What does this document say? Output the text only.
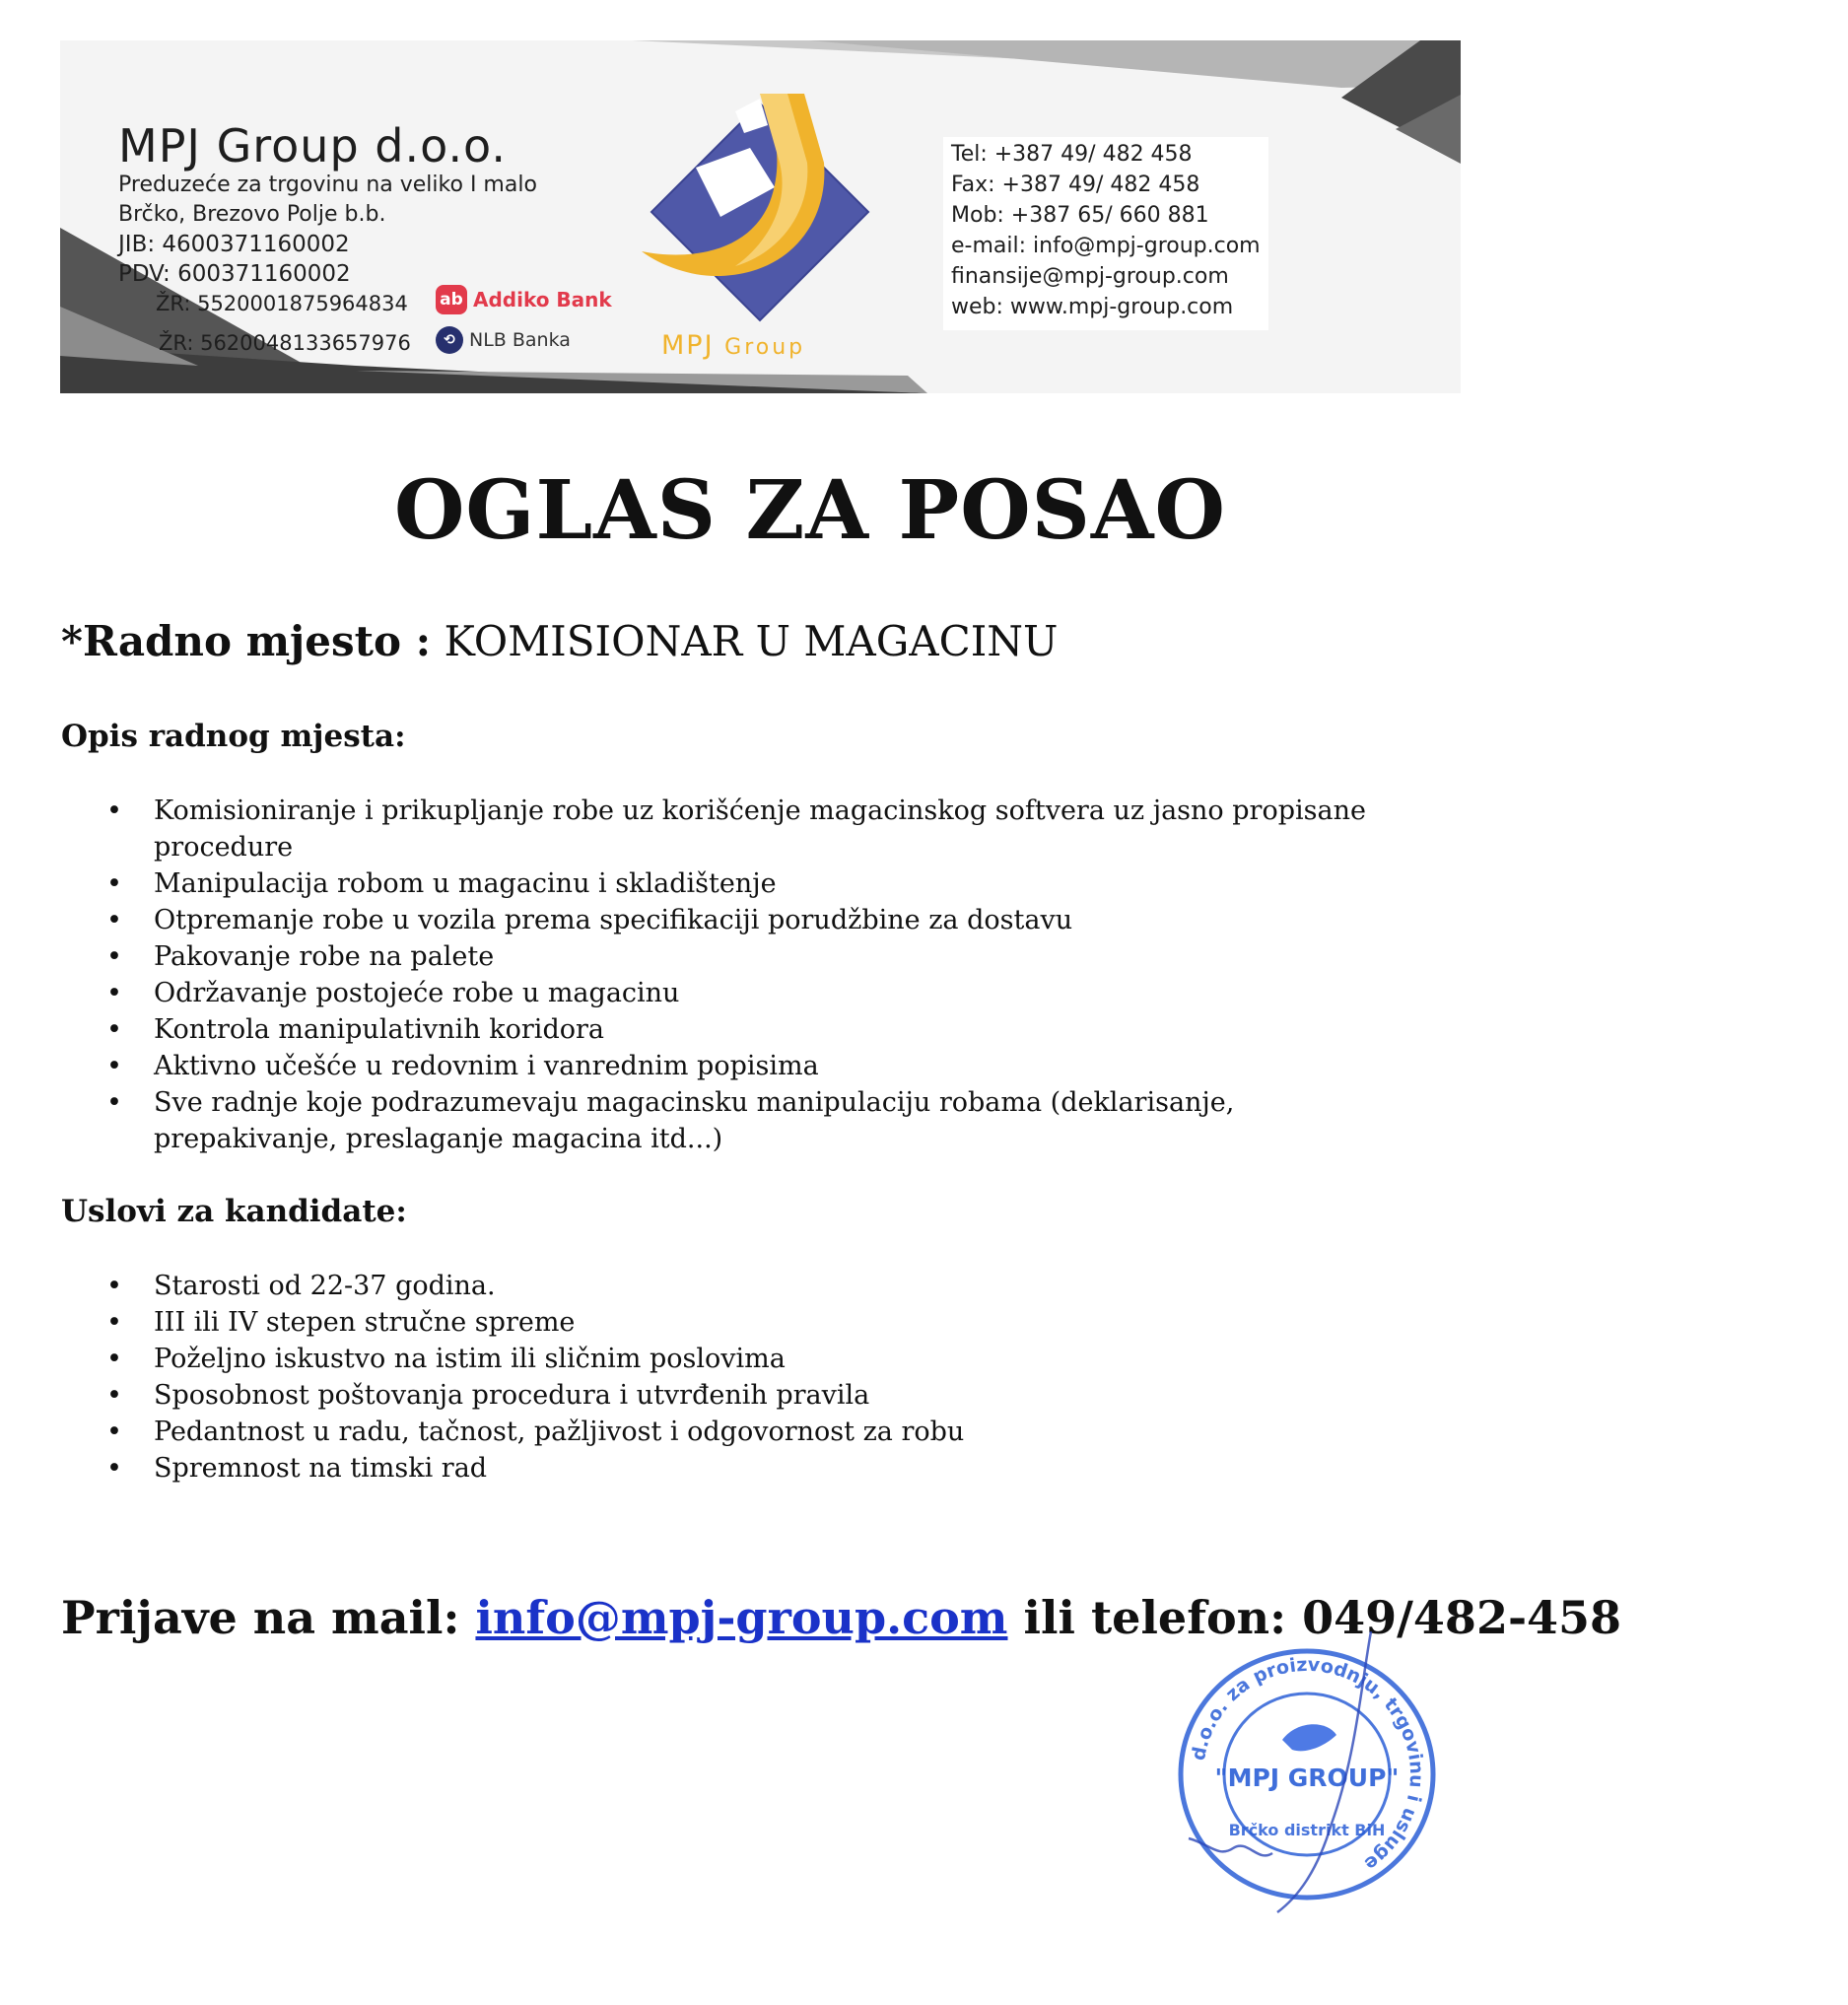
MPJ Group d.o.o.
Preduzeće za trgovinu na veliko I malo
Brčko, Brezovo Polje b.b.
JIB: 4600371160002
PDV: 600371160002
ŽR: 5520001875964834 ab Addiko Bank
ŽR: 5620048133657976	⟲ NLB Banka	MPJ Group
Tel: +387 49/ 482 458
Fax: +387 49/ 482 458
Mob: +387 65/ 660 881
e-mail: info@mpj-group.com
finansije@mpj-group.com
web: www.mpj-group.com
OGLAS ZA POSAO
*Radno mjesto : KOMISIONAR U MAGACINU
Opis radnog mjesta:
• Komisioniranje i prikupljanje robe uz korišćenje magacinskog softvera uz jasno propisane procedure
• Manipulacija robom u magacinu i skladištenje
• Otpremanje robe u vozila prema specifikaciji porudžbine za dostavu
• Pakovanje robe na palete
• Održavanje postojeće robe u magacinu
• Kontrola manipulativnih koridora
• Aktivno učešće u redovnim i vanrednim popisima
• Sve radnje koje podrazumevaju magacinsku manipulaciju robama (deklarisanje, prepakivanje, preslaganje magacina itd...)
Uslovi za kandidate:
• Starosti od 22-37 godina.
• III ili IV stepen stručne spreme
• Poželjno iskustvo na istim ili sličnim poslovima
• Sposobnost poštovanja procedura i utvrđenih pravila
• Pedantnost u radu, tačnost, pažljivost i odgovornost za robu
• Spremnost na timski rad
Prijave na mail: info@mpj-group.com ili telefon: 049/482-458
d.o.o. za proizvodnju, trgovinu i usluge
"MPJ GROUP"
Brčko distrikt BiH
